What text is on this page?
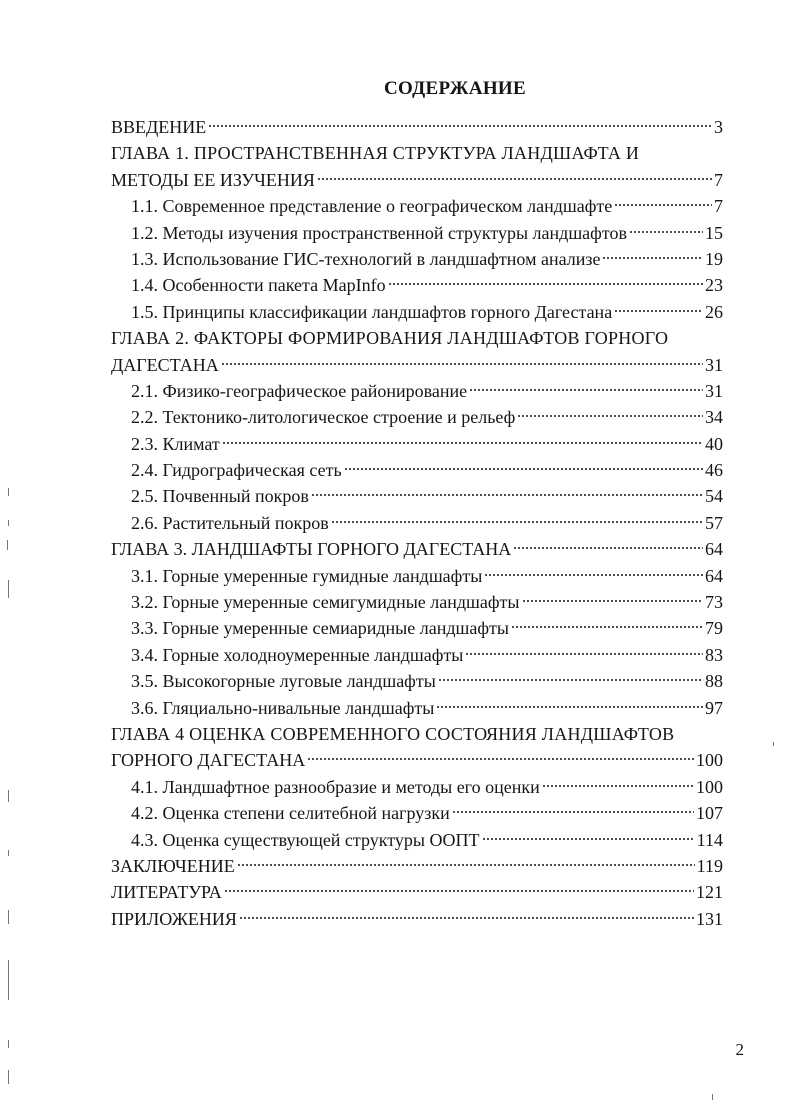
СОДЕРЖАНИЕ
ВВЕДЕНИЕ	3
ГЛАВА 1. ПРОСТРАНСТВЕННАЯ СТРУКТУРА ЛАНДШАФТА И
МЕТОДЫ ЕЕ ИЗУЧЕНИЯ	7
1.1. Современное представление о географическом ландшафте	7
1.2. Методы изучения пространственной структуры ландшафтов	15
1.3. Использование ГИС-технологий в ландшафтном анализе	19
1.4. Особенности пакета MapInfo	23
1.5. Принципы классификации ландшафтов горного Дагестана	26
ГЛАВА 2. ФАКТОРЫ ФОРМИРОВАНИЯ ЛАНДШАФТОВ ГОРНОГО
ДАГЕСТАНА	31
2.1. Физико-географическое районирование	31
2.2. Тектонико-литологическое строение и рельеф	34
2.3. Климат	40
2.4. Гидрографическая сеть	46
2.5. Почвенный покров	54
2.6. Растительный покров	57
ГЛАВА 3. ЛАНДШАФТЫ ГОРНОГО ДАГЕСТАНА	64
3.1. Горные умеренные гумидные ландшафты	64
3.2. Горные умеренные семигумидные ландшафты	73
3.3. Горные умеренные семиаридные ландшафты	79
3.4. Горные холодноумеренные ландшафты	83
3.5. Высокогорные луговые ландшафты	88
3.6. Гляциально-нивальные ландшафты	97
ГЛАВА 4 ОЦЕНКА СОВРЕМЕННОГО СОСТОЯНИЯ ЛАНДШАФТОВ
ГОРНОГО ДАГЕСТАНА	100
4.1. Ландшафтное разнообразие и методы его оценки	100
4.2. Оценка степени селитебной нагрузки	107
4.3. Оценка существующей структуры ООПТ	114
ЗАКЛЮЧЕНИЕ	119
ЛИТЕРАТУРА	121
ПРИЛОЖЕНИЯ	131
2
